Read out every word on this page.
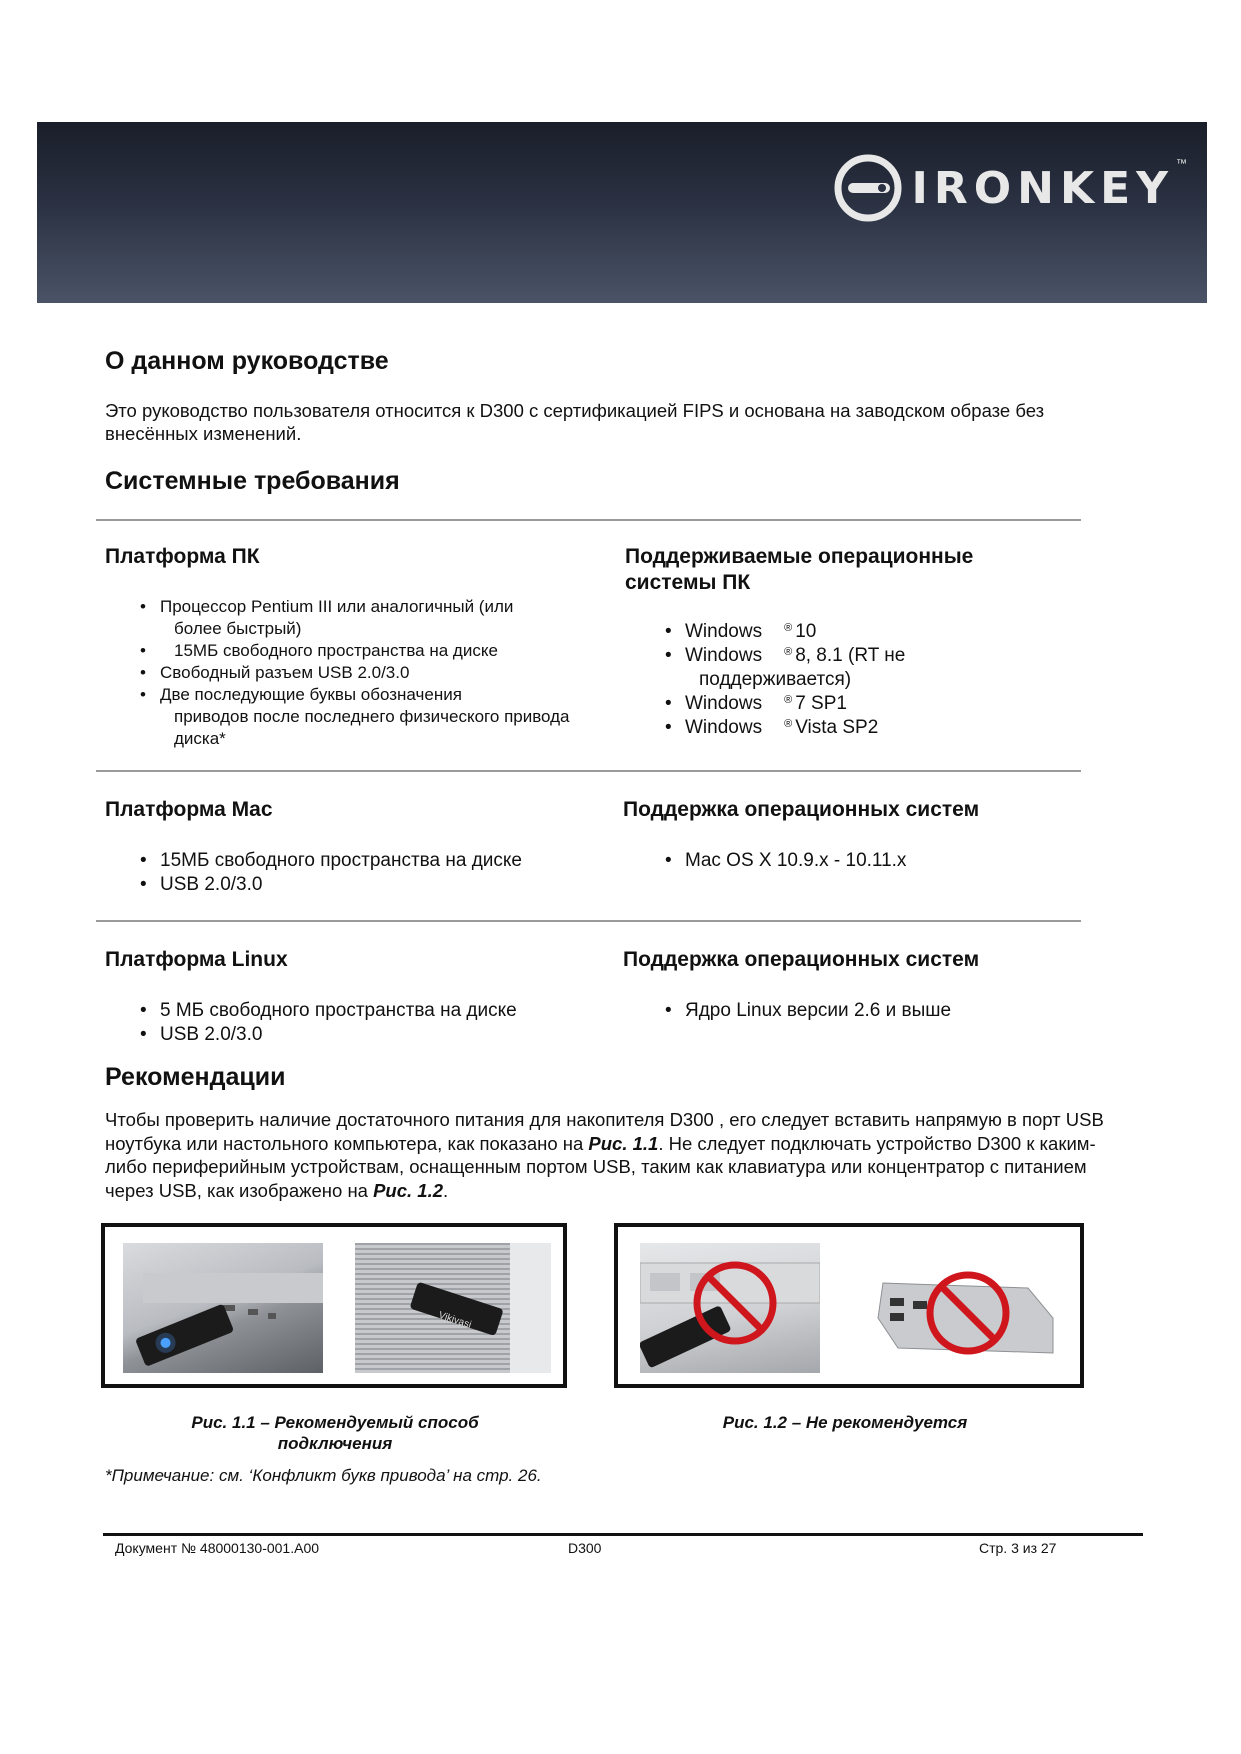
IRONKEY ™
О данном руководстве

Это руководство пользователя относится к D300 с сертификацией FIPS и основана на заводском образе без внесённых изменений.

Системные требования
Платформа ПК
• Процессор Pentium III или аналогичный (или
более быстрый)
• 15МБ свободного пространства на диске
• Свободный разъем USB 2.0/3.0
• Две последующие буквы обозначения
приводов после последнего физического привода диска*
Поддерживаемые операционные системы ПК
• Windows ® 10
• Windows ® 8, 8.1 (RT не
поддерживается)
• Windows ® 7 SP1
• Windows ® Vista SP2
Платформа Mac
• 15МБ свободного пространства на диске
• USB 2.0/3.0
Поддержка операционных систем
• Mac OS X 10.9.x - 10.11.x
Платформа Linux
• 5 МБ свободного пространства на диске
• USB 2.0/3.0
Поддержка операционных систем
• Ядро Linux версии 2.6 и выше
Рекомендации

Чтобы проверить наличие достаточного питания для накопителя D300 , его следует вставить напрямую в порт USB ноутбука или настольного компьютера, как показано на Рис. 1.1. Не следует подключать устройство D300 к каким-либо периферийным устройствам, оснащенным портом USB, таким как клавиатура или концентратор с питанием через USB, как изображено на Рис. 1.2.

Vikivasi
Рис. 1.1 – Рекомендуемый способ
подключения
Рис. 1.2 – Не рекомендуется
*Примечание: см. ‘Конфликт букв привода’ на стр. 26.
Документ № 48000130-001.A00	D300	Стр. 3 из 27
